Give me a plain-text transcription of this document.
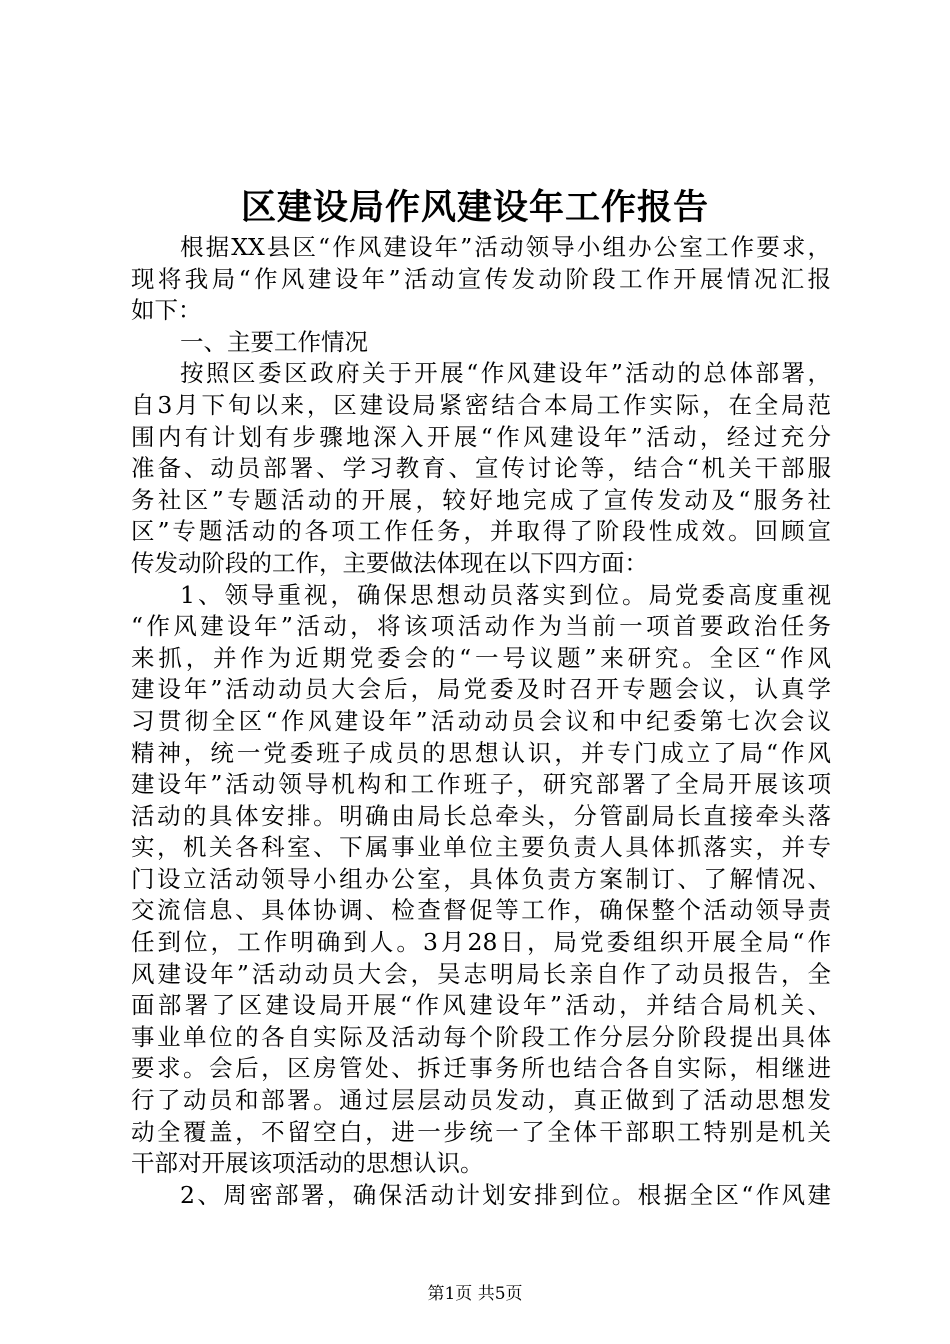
区建设局作风建设年工作报告
根据XX县区“作风建设年”活动领导小组办公室工作要求，
现将我局“作风建设年”活动宣传发动阶段工作开展情况汇报
如下：
一、主要工作情况
按照区委区政府关于开展“作风建设年”活动的总体部署，
自3月下旬以来，区建设局紧密结合本局工作实际，在全局范
围内有计划有步骤地深入开展“作风建设年”活动，经过充分
准备、动员部署、学习教育、宣传讨论等，结合“机关干部服
务社区”专题活动的开展，较好地完成了宣传发动及“服务社
区”专题活动的各项工作任务，并取得了阶段性成效。回顾宣
传发动阶段的工作，主要做法体现在以下四方面：
1、领导重视，确保思想动员落实到位。局党委高度重视
“作风建设年”活动，将该项活动作为当前一项首要政治任务
来抓，并作为近期党委会的“一号议题”来研究。全区“作风
建设年”活动动员大会后，局党委及时召开专题会议，认真学
习贯彻全区“作风建设年”活动动员会议和中纪委第七次会议
精神，统一党委班子成员的思想认识，并专门成立了局“作风
建设年”活动领导机构和工作班子，研究部署了全局开展该项
活动的具体安排。明确由局长总牵头，分管副局长直接牵头落
实，机关各科室、下属事业单位主要负责人具体抓落实，并专
门设立活动领导小组办公室，具体负责方案制订、了解情况、
交流信息、具体协调、检查督促等工作，确保整个活动领导责
任到位，工作明确到人。3月28日，局党委组织开展全局“作
风建设年”活动动员大会，吴志明局长亲自作了动员报告，全
面部署了区建设局开展“作风建设年”活动，并结合局机关、
事业单位的各自实际及活动每个阶段工作分层分阶段提出具体
要求。会后，区房管处、拆迁事务所也结合各自实际，相继进
行了动员和部署。通过层层动员发动，真正做到了活动思想发
动全覆盖，不留空白，进一步统一了全体干部职工特别是机关
干部对开展该项活动的思想认识。
2、周密部署，确保活动计划安排到位。根据全区“作风建
第1页 共5页
